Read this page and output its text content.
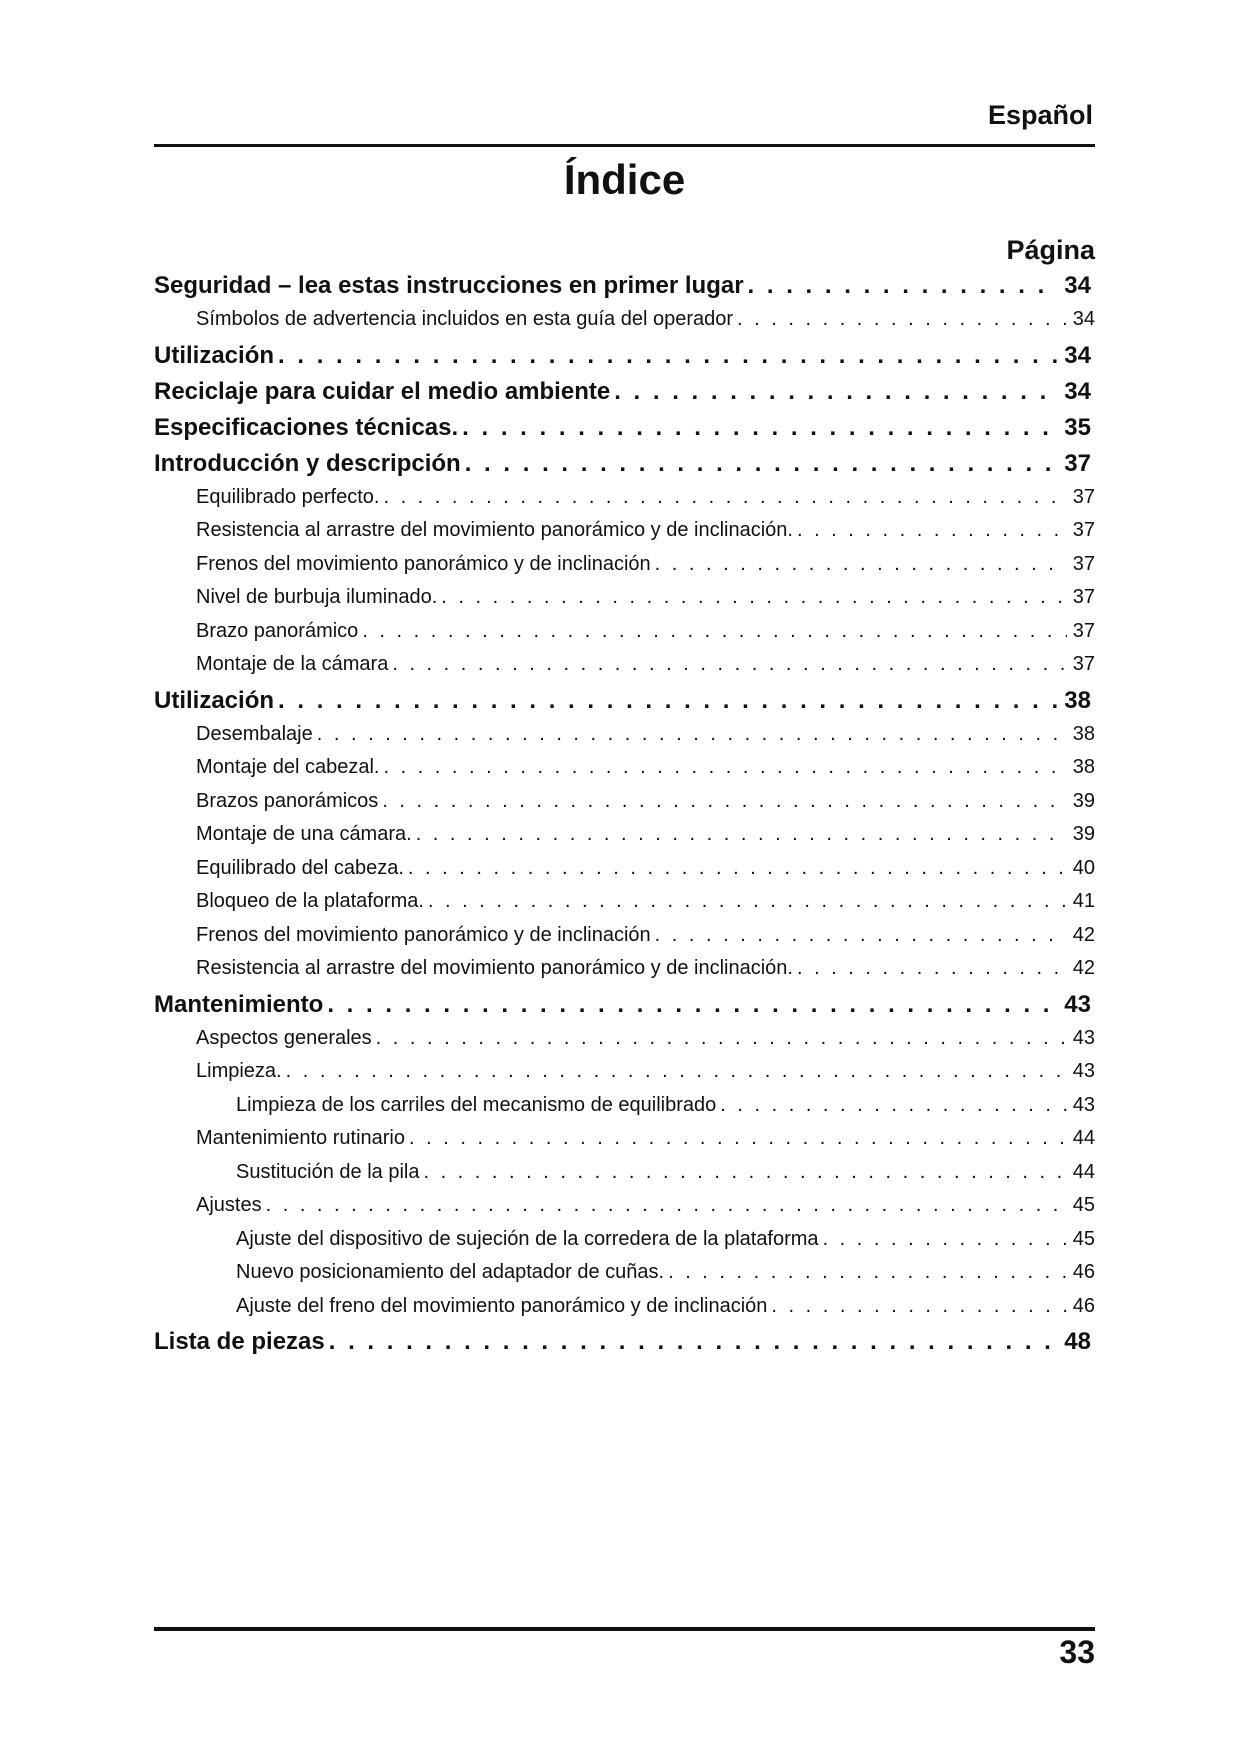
Español
Índice
Página
Seguridad – lea estas instrucciones en primer lugar . . .	34
Símbolos de advertencia incluidos en esta guía del operador . . .	34
Utilización . . .	34
Reciclaje para cuidar el medio ambiente . . .	34
Especificaciones técnicas. . . .	35
Introducción y descripción . . .	37
Equilibrado perfecto. . . .	37
Resistencia al arrastre del movimiento panorámico y de inclinación. . . .	37
Frenos del movimiento panorámico y de inclinación . . .	37
Nivel de burbuja iluminado. . . .	37
Brazo panorámico . . .	37
Montaje de la cámara . . .	37
Utilización . . .	38
Desembalaje . . .	38
Montaje del cabezal. . . .	38
Brazos panorámicos . . .	39
Montaje de una cámara. . . .	39
Equilibrado del cabeza. . . .	40
Bloqueo de la plataforma. . . .	41
Frenos del movimiento panorámico y de inclinación . . .	42
Resistencia al arrastre del movimiento panorámico y de inclinación. . . .	42
Mantenimiento . . .	43
Aspectos generales . . .	43
Limpieza. . . .	43
Limpieza de los carriles del mecanismo de equilibrado . . .	43
Mantenimiento rutinario . . .	44
Sustitución de la pila . . .	44
Ajustes . . .	45
Ajuste del dispositivo de sujeción de la corredera de la plataforma . . .	45
Nuevo posicionamiento del adaptador de cuñas. . . .	46
Ajuste del freno del movimiento panorámico y de inclinación . . .	46
Lista de piezas . . .	48
33
